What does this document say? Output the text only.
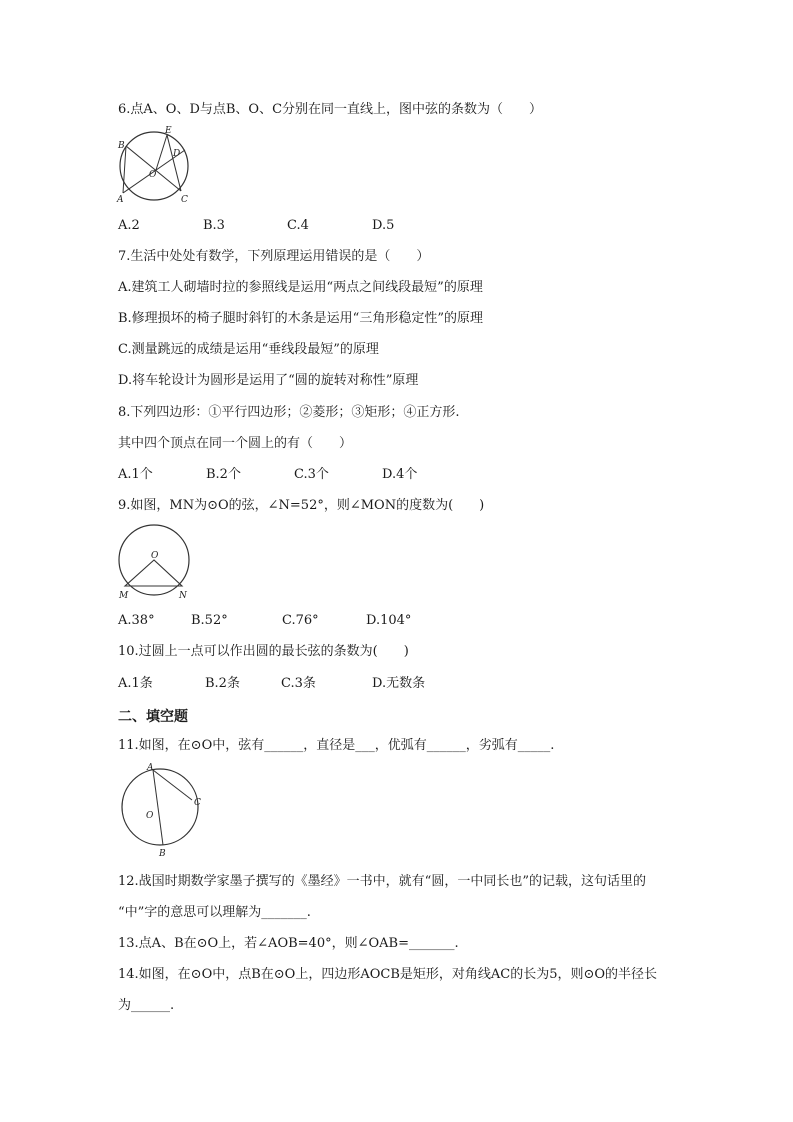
6.点A、O、D与点B、O、C分别在同一直线上，图中弦的条数为（　　）
E
B
D
O
A	C
A.2	B.3	C.4	D.5
7.生活中处处有数学，下列原理运用错误的是（　　）
A.建筑工人砌墙时拉的参照线是运用“两点之间线段最短”的原理
B.修理损坏的椅子腿时斜钉的木条是运用“三角形稳定性”的原理
C.测量跳远的成绩是运用“垂线段最短”的原理
D.将车轮设计为圆形是运用了“圆的旋转对称性”原理
8.下列四边形：①平行四边形；②菱形；③矩形；④正方形.
其中四个顶点在同一个圆上的有（　　）
A.1个	B.2个	C.3个	D.4个
9.如图，MN为⊙O的弦，∠N=52°，则∠MON的度数为(　　)
O
M	N
A.38°	B.52°	C.76°	D.104°
10.过圆上一点可以作出圆的最长弦的条数为(　　)
A.1条	B.2条	C.3条	D.无数条
二、填空题
11.如图，在⊙O中，弦有______，直径是___，优弧有______，劣弧有_____.
A
C
O
B
12.战国时期数学家墨子撰写的《墨经》一书中，就有“圆，一中同长也”的记载，这句话里的
“中”字的意思可以理解为_______.
13.点A、B在⊙O上，若∠AOB=40°，则∠OAB=_______.
14.如图，在⊙O中，点B在⊙O上，四边形AOCB是矩形，对角线AC的长为5，则⊙O的半径长
为______.
